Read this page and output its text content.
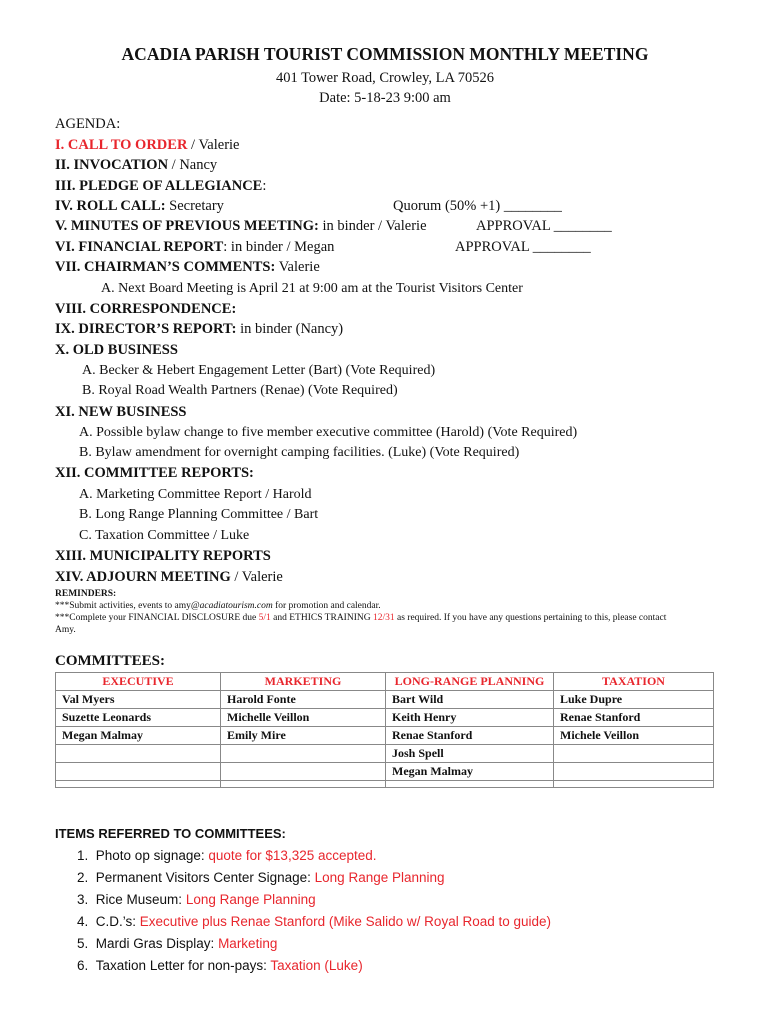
ACADIA PARISH TOURIST COMMISSION MONTHLY MEETING
401 Tower Road, Crowley, LA 70526
Date: 5-18-23 9:00 am
AGENDA:
I. CALL TO ORDER / Valerie
II. INVOCATION / Nancy
III. PLEDGE OF ALLEGIANCE:
IV. ROLL CALL: Secretary	Quorum (50% +1) ________
V. MINUTES OF PREVIOUS MEETING: in binder / Valerie	APPROVAL ________
VI. FINANCIAL REPORT: in binder / Megan	APPROVAL ________
VII. CHAIRMAN’S COMMENTS: Valerie
A. Next Board Meeting is April 21 at 9:00 am at the Tourist Visitors Center
VIII. CORRESPONDENCE:
IX. DIRECTOR’S REPORT: in binder (Nancy)
X. OLD BUSINESS
A. Becker & Hebert Engagement Letter (Bart) (Vote Required)
B. Royal Road Wealth Partners (Renae) (Vote Required)
XI. NEW BUSINESS
A. Possible bylaw change to five member executive committee (Harold) (Vote Required)
B. Bylaw amendment for overnight camping facilities. (Luke) (Vote Required)
XII. COMMITTEE REPORTS:
A. Marketing Committee Report / Harold
B. Long Range Planning Committee / Bart
C. Taxation Committee / Luke
XIII. MUNICIPALITY REPORTS
XIV. ADJOURN MEETING / Valerie
REMINDERS:
***Submit activities, events to amy@acadiatourism.com for promotion and calendar.
***Complete your FINANCIAL DISCLOSURE due 5/1 and ETHICS TRAINING 12/31 as required. If you have any questions pertaining to this, please contact
Amy.
COMMITTEES:
EXECUTIVE	MARKETING	LONG-RANGE PLANNING	TAXATION
Val Myers	Harold Fonte	Bart Wild	Luke Dupre
Suzette Leonards	Michelle Veillon	Keith Henry	Renae Stanford
Megan Malmay	Emily Mire	Renae Stanford	Michele Veillon
		Josh Spell	
		Megan Malmay	

ITEMS REFERRED TO COMMITTEES:
1. Photo op signage: quote for $13,325 accepted.
2. Permanent Visitors Center Signage: Long Range Planning
3. Rice Museum: Long Range Planning
4. C.D.’s: Executive plus Renae Stanford (Mike Salido w/ Royal Road to guide)
5. Mardi Gras Display: Marketing
6. Taxation Letter for non-pays: Taxation (Luke)
